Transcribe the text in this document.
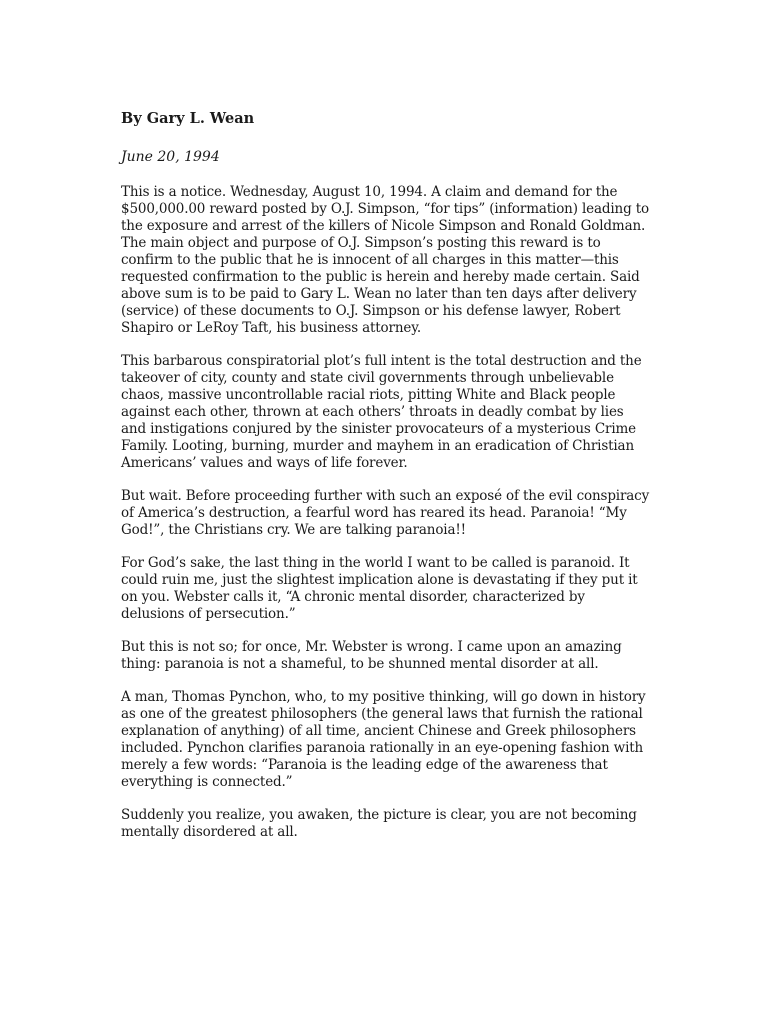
By Gary L. Wean
June 20, 1994

This is a notice. Wednesday, August 10, 1994. A claim and demand for the $500,000.00 reward posted by O.J. Simpson, “for tips” (information) leading to the exposure and arrest of the killers of Nicole Simpson and Ronald Goldman. The main object and purpose of O.J. Simpson’s posting this reward is to confirm to the public that he is innocent of all charges in this matter—this requested confirmation to the public is herein and hereby made certain. Said above sum is to be paid to Gary L. Wean no later than ten days after delivery (service) of these documents to O.J. Simpson or his defense lawyer, Robert Shapiro or LeRoy Taft, his business attorney.

This barbarous conspiratorial plot’s full intent is the total destruction and the takeover of city, county and state civil governments through unbelievable chaos, massive uncontrollable racial riots, pitting White and Black people against each other, thrown at each others’ throats in deadly combat by lies and instigations conjured by the sinister provocateurs of a mysterious Crime Family. Looting, burning, murder and mayhem in an eradication of Christian Americans’ values and ways of life forever.

But wait. Before proceeding further with such an exposé of the evil conspiracy of America’s destruction, a fearful word has reared its head. Paranoia! “My God!”, the Christians cry. We are talking paranoia!!

For God’s sake, the last thing in the world I want to be called is paranoid. It could ruin me, just the slightest implication alone is devastating if they put it on you. Webster calls it, “A chronic mental disorder, characterized by delusions of persecution.”

But this is not so; for once, Mr. Webster is wrong. I came upon an amazing thing: paranoia is not a shameful, to be shunned mental disorder at all.

A man, Thomas Pynchon, who, to my positive thinking, will go down in history as one of the greatest philosophers (the general laws that furnish the rational explanation of anything) of all time, ancient Chinese and Greek philosophers included. Pynchon clarifies paranoia rationally in an eye-opening fashion with merely a few words: “Paranoia is the leading edge of the awareness that everything is connected.”

Suddenly you realize, you awaken, the picture is clear, you are not becoming mentally disordered at all.
